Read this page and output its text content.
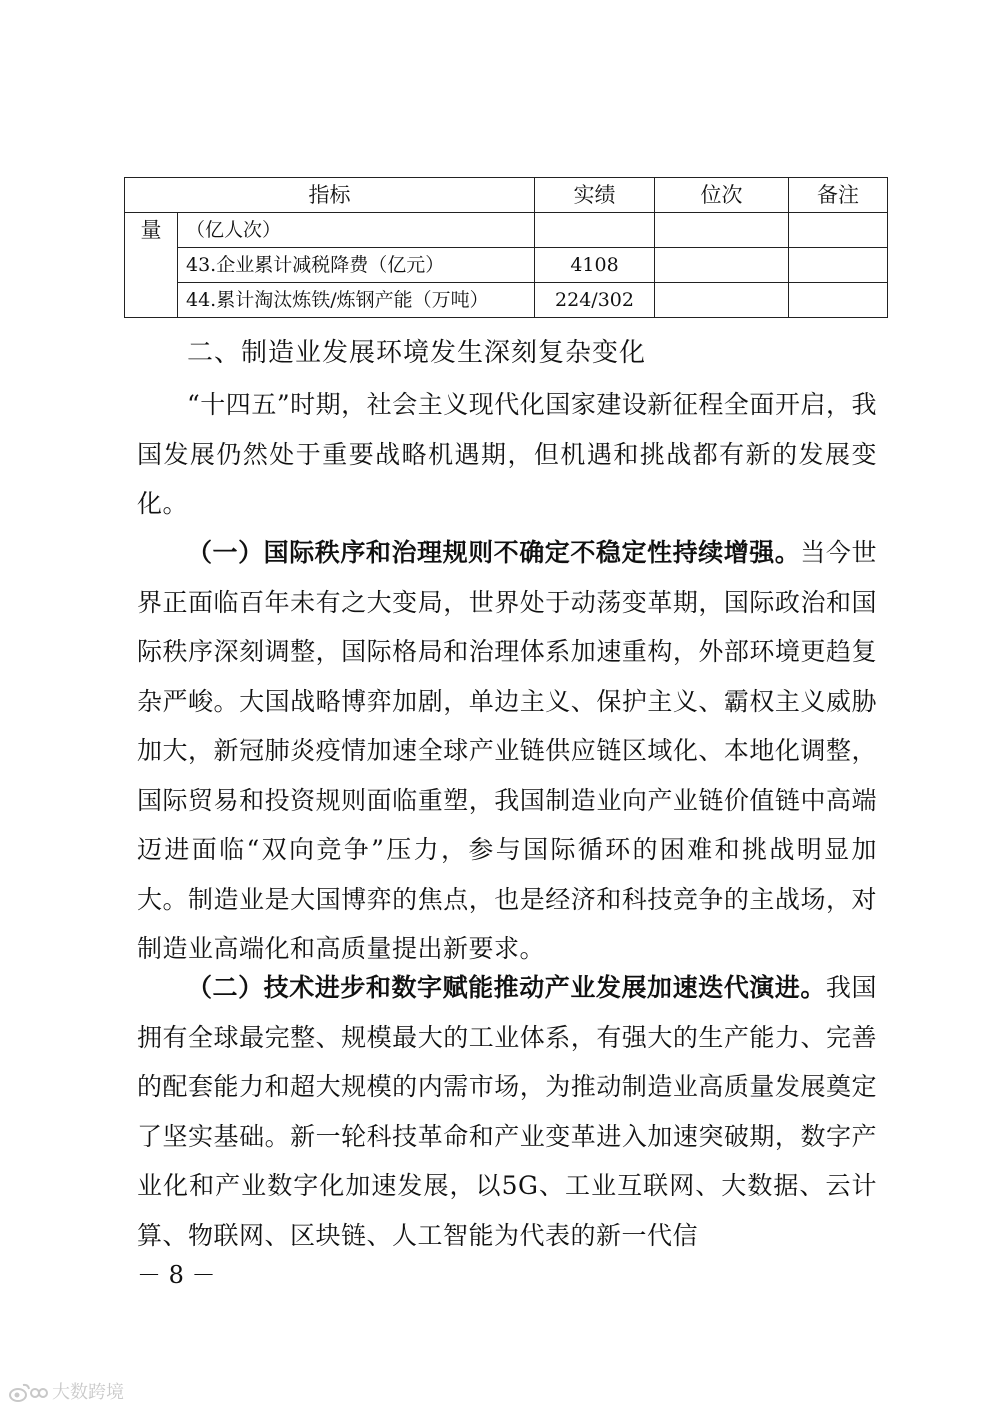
指标		实绩	位次	备注
量	（亿人次）			
	43.企业累计减税降费（亿元）	4108		
	44.累计淘汰炼铁/炼钢产能（万吨）	224/302		
二、制造业发展环境发生深刻复杂变化

“十四五”时期，社会主义现代化国家建设新征程全面开启，我国发展仍然处于重要战略机遇期，但机遇和挑战都有新的发展变化。

（一）国际秩序和治理规则不确定不稳定性持续增强。当今世界正面临百年未有之大变局，世界处于动荡变革期，国际政治和国际秩序深刻调整，国际格局和治理体系加速重构，外部环境更趋复杂严峻。大国战略博弈加剧，单边主义、保护主义、霸权主义威胁加大，新冠肺炎疫情加速全球产业链供应链区域化、本地化调整，国际贸易和投资规则面临重塑，我国制造业向产业链价值链中高端迈进面临“双向竞争”压力，参与国际循环的困难和挑战明显加大。制造业是大国博弈的焦点，也是经济和科技竞争的主战场，对制造业高端化和高质量提出新要求。

（二）技术进步和数字赋能推动产业发展加速迭代演进。我国拥有全球最完整、规模最大的工业体系，有强大的生产能力、完善的配套能力和超大规模的内需市场，为推动制造业高质量发展奠定了坚实基础。新一轮科技革命和产业变革进入加速突破期，数字产业化和产业数字化加速发展，以5G、工业互联网、大数据、云计算、物联网、区块链、人工智能为代表的新一代信

－ 8 －
大数跨境
